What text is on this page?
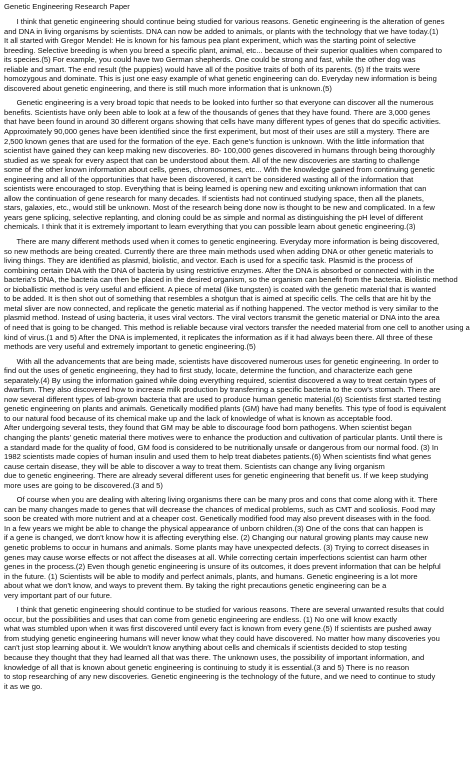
Genetic Engineering Research Paper
I think that genetic engineering should continue being studied for various reasons. Genetic engineering is the alteration of genes
and DNA in living organisms by scientists. DNA can now be added to animals, or plants with the technology that we have today.(1)
It all started with Gregor Mendel: He is known for his famous pea plant experiment, which was the starting point of selective
breeding. Selective breeding is when you breed a specific plant, animal, etc... because of their superior qualities when compared to
its species.(5) For example, you could have two German shepherds. One could be strong and fast, while the other dog was
reliable and smart. The end result (the puppies) would have all of the positive traits of both of its parents. (5) If the traits were
homozygous and dominate. This is just one easy example of what genetic engineering can do. Everyday new information is being
discovered about genetic engineering, and there is still much more information that is unknown.(5)
Genetic engineering is a very broad topic that needs to be looked into further so that everyone can discover all the numerous
benefits. Scientists have only been able to look at a few of the thousands of genes that they have found. There are 3,000 genes
that have been found in around 30 different organs showing that cells have many different types of genes that do specific activities.
Approximately 90,000 genes have been identified since the first experiment, but most of their uses are still a mystery. There are
2,500 known genes that are used for the formation of the eye. Each gene's function is unknown. With the little information that
scientist have gained they can keep making new discoveries. 80- 100,000 genes discovered in humans through being thoroughly
studied as we speak for every aspect that can be understood about them. All of the new discoveries are starting to challenge
some of the other known information about cells, genes, chromosomes, etc... With the knowledge gained from continuing genetic
engineering and all of the opportunities that have been discovered, it can't be considered wasting all of the information that
scientists were encouraged to stop. Everything that is being learned is opening new and exciting unknown information that can
allow the continuation of gene research for many decades. If scientists had not continued studying space, then all the planets,
stars, galaxies, etc., would still be unknown. Most of the research being done now is thought to be new and complicated. In a few
years gene splicing, selective replanting, and cloning could be as simple and normal as distinguishing the pH level of different
chemicals. I think that it is extremely important to learn everything that you can possible learn about genetic engineering.(3)
There are many different methods used when it comes to genetic engineering. Everyday more information is being discovered,
so new methods are being created. Currently there are three main methods used when adding DNA or other genetic materials to
living things. They are identified as plasmid, biolistic, and vector. Each is used for a specific task. Plasmid is the process of
combining certain DNA with the DNA of bacteria by using restrictive enzymes. After the DNA is absorbed or connected with in the
bacteria's DNA, the bacteria can then be placed in the desired organism, so the organism can benefit from the bacteria. Biolistic method
or bioballistic method is very useful and efficient. A piece of metal (like tungsten) is coated with the genetic material that is wanted
to be added. It is then shot out of something that resembles a shotgun that is aimed at specific cells. The cells that are hit by the
metal sliver are now connected, and replicate the genetic material as if nothing happened. The vector method is very similar to the
plasmid method. Instead of using bacteria, it uses viral vectors. The viral vectors transmit the genetic material or DNA into the area
of need that is going to be changed. This method is reliable because viral vectors transfer the needed material from one cell to another using a
kind of virus.(1 and 5) After the DNA is implemented, it replicates the information as if it had always been there. All three of these
methods are very useful and extremely important to genetic engineering.(5)
With all the advancements that are being made, scientists have discovered numerous uses for genetic engineering. In order to
find out the uses of genetic engineering, they had to first study, locate, determine the function, and characterize each gene
separately.(4) By using the information gained while doing everything required, scientist discovered a way to treat certain types of
dwarfism. They also discovered how to increase milk production by transferring a specific bacteria to the cow's stomach. There are
now several different types of lab-grown bacteria that are used to produce human genetic material.(6) Scientists first started testing
genetic engineering on plants and animals. Genetically modified plants (GM) have had many benefits. This type of food is equivalent
to our natural food because of its chemical make up and the lack of knowledge of what is known as acceptable food.
After undergoing several tests, they found that GM may be able to discourage food born pathogens. When scientist began
changing the plants' genetic material there motives were to enhance the production and cultivation of particular plants. Until there is
a standard made for the quality of food, GM food is considered to be nutritionally unsafe or dangerous from our normal food. (3) In
1982 scientists made copies of human insulin and used them to help treat diabetes patients.(6) When scientists find what genes
cause certain disease, they will be able to discover a way to treat them. Scientists can change any living organism
due to genetic engineering. There are already several different uses for genetic engineering that benefit us. If we keep studying
more uses are going to be discovered.(3 and 5)
Of course when you are dealing with altering living organisms there can be many pros and cons that come along with it. There
can be many changes made to genes that will decrease the chances of medical problems, such as CMT and scoliosis. Food may
soon be created with more nutrient and at a cheaper cost. Genetically modified food may also prevent diseases with in the food.
In a few years we might be able to change the physical appearance of unborn children.(3) One of the cons that can happen is
if a gene is changed, we don't know how it is affecting everything else. (2) Changing our natural growing plants may cause new
genetic problems to occur in humans and animals. Some plants may have unexpected defects. (3) Trying to correct diseases in
genes may cause worse effects or not affect the diseases at all. While correcting certain imperfections scientist can harm other
genes in the process.(2) Even though genetic engineering is unsure of its outcomes, it does prevent information that can be helpful
in the future. (1) Scientists will be able to modify and perfect animals, plants, and humans. Genetic engineering is a lot more
about what we don't know, and ways to prevent them. By taking the right precautions genetic engineering can be a
very important part of our future.
I think that genetic engineering should continue to be studied for various reasons. There are several unwanted results that could
occur, but the possibilities and uses that can come from genetic engineering are endless. (1) No one will know exactly
what was stumbled upon when it was first discovered until every fact is known from every gene.(5) If scientists are pushed away
from studying genetic engineering humans will never know what they could have discovered. No matter how many discoveries you
can't just stop learning about it. We wouldn't know anything about cells and chemicals if scientists decided to stop testing
because they thought that they had learned all that was there. The unknown uses, the possibility of important information, and
knowledge of all that is known about genetic engineering is continuing to study it is essential.(3 and 5) There is no reason
to stop researching of any new discoveries. Genetic engineering is the technology of the future, and we need to continue to study
it as we go.
